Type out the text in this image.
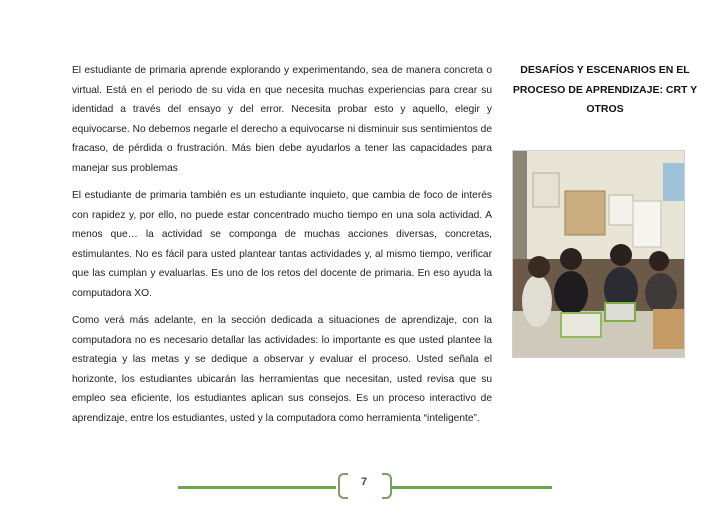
El estudiante de primaria aprende explorando y experimentando, sea de manera concreta o virtual. Está en el periodo de su vida en que necesita muchas experiencias para crear su identidad a través del ensayo y del error. Necesita probar esto y aquello, elegir y equivocarse. No debemos negarle el derecho a equivocarse ni disminuir sus sentimientos de fracaso, de pérdida o frustración. Más bien debe ayudarlos a tener las capacidades para manejar sus problemas

El estudiante de primaria también es un estudiante inquieto, que cambia de foco de interés con rapidez y, por ello, no puede estar concentrado mucho tiempo en una sola actividad. A menos que… la actividad se componga de muchas acciones diversas, concretas, estimulantes. No es fácil para usted plantear tantas actividades y, al mismo tiempo, verificar que las cumplan y evaluarlas. Es uno de los retos del docente de primaria. En eso ayuda la computadora XO.

Como verá más adelante, en la sección dedicada a situaciones de aprendizaje, con la computadora no es necesario detallar las actividades: lo importante es que usted plantee la estrategia y las metas y se dedique a observar y evaluar el proceso. Usted señala el horizonte, los estudiantes ubicarán las herramientas que necesitan, usted revisa que su empleo sea eficiente, los estudiantes aplican sus consejos. Es un proceso interactivo de aprendizaje, entre los estudiantes, usted y la computadora como herramienta “inteligente”.

DESAFÍOS Y ESCENARIOS EN EL PROCESO DE APRENDIZAJE: CRT Y OTROS
7
